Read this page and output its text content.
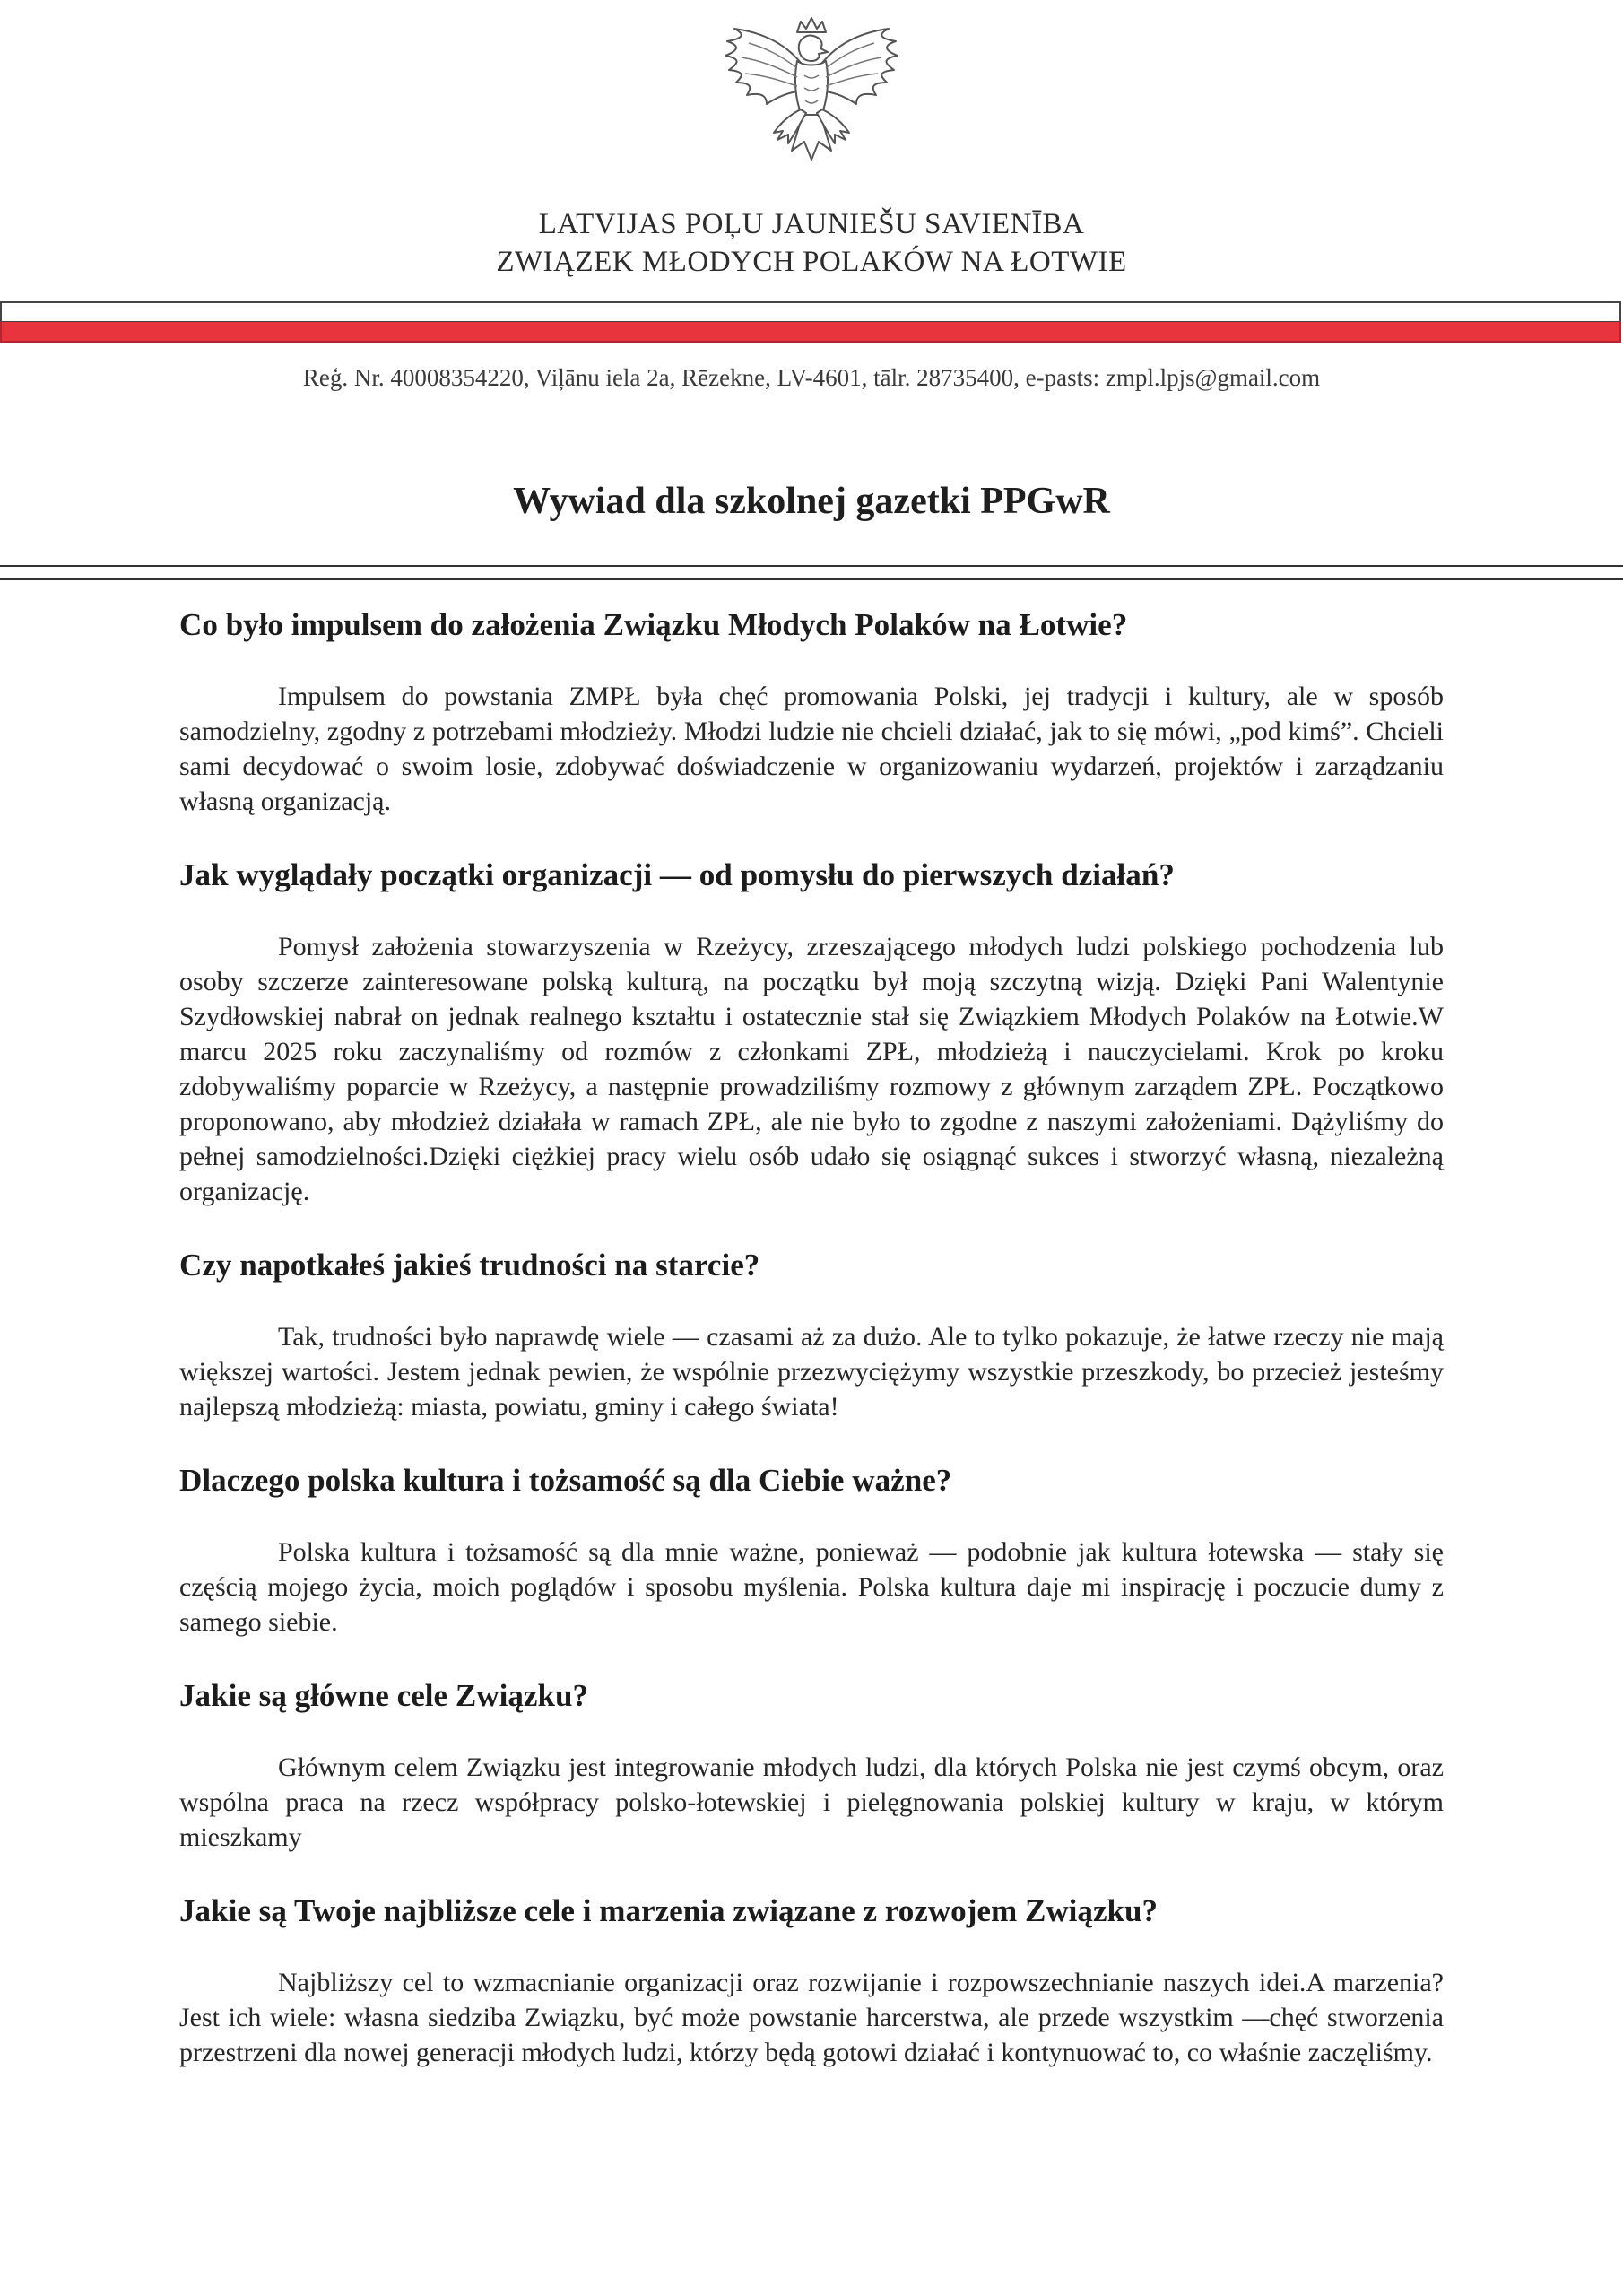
LATVIJAS POĻU JAUNIEŠU SAVIENĪBA
ZWIĄZEK MŁODYCH POLAKÓW NA ŁOTWIE
Reģ. Nr. 40008354220, Viļānu iela 2a, Rēzekne, LV-4601, tālr. 28735400, e-pasts: zmpl.lpjs@gmail.com
Wywiad dla szkolnej gazetki PPGwR
Co było impulsem do założenia Związku Młodych Polaków na Łotwie?

Impulsem do powstania ZMPŁ była chęć promowania Polski, jej tradycji i kultury, ale w sposób samodzielny, zgodny z potrzebami młodzieży. Młodzi ludzie nie chcieli działać, jak to się mówi, „pod kimś”. Chcieli sami decydować o swoim losie, zdobywać doświadczenie w organizowaniu wydarzeń, projektów i zarządzaniu własną organizacją.

Jak wyglądały początki organizacji — od pomysłu do pierwszych działań?

Pomysł założenia stowarzyszenia w Rzeżycy, zrzeszającego młodych ludzi polskiego pochodzenia lub osoby szczerze zainteresowane polską kulturą, na początku był moją szczytną wizją. Dzięki Pani Walentynie Szydłowskiej nabrał on jednak realnego kształtu i ostatecznie stał się Związkiem Młodych Polaków na Łotwie.W marcu 2025 roku zaczynaliśmy od rozmów z członkami ZPŁ, młodzieżą i nauczycielami. Krok po kroku zdobywaliśmy poparcie w Rzeżycy, a następnie prowadziliśmy rozmowy z głównym zarządem ZPŁ. Początkowo proponowano, aby młodzież działała w ramach ZPŁ, ale nie było to zgodne z naszymi założeniami. Dążyliśmy do pełnej samodzielności.Dzięki ciężkiej pracy wielu osób udało się osiągnąć sukces i stworzyć własną, niezależną organizację.

Czy napotkałeś jakieś trudności na starcie?

Tak, trudności było naprawdę wiele — czasami aż za dużo. Ale to tylko pokazuje, że łatwe rzeczy nie mają większej wartości. Jestem jednak pewien, że wspólnie przezwyciężymy wszystkie przeszkody, bo przecież jesteśmy najlepszą młodzieżą: miasta, powiatu, gminy i całego świata!

Dlaczego polska kultura i tożsamość są dla Ciebie ważne?

Polska kultura i tożsamość są dla mnie ważne, ponieważ — podobnie jak kultura łotewska — stały się częścią mojego życia, moich poglądów i sposobu myślenia. Polska kultura daje mi inspirację i poczucie dumy z samego siebie.

Jakie są główne cele Związku?

Głównym celem Związku jest integrowanie młodych ludzi, dla których Polska nie jest czymś obcym, oraz wspólna praca na rzecz współpracy polsko-łotewskiej i pielęgnowania polskiej kultury w kraju, w którym mieszkamy

Jakie są Twoje najbliższe cele i marzenia związane z rozwojem Związku?

Najbliższy cel to wzmacnianie organizacji oraz rozwijanie i rozpowszechnianie naszych idei.A marzenia? Jest ich wiele: własna siedziba Związku, być może powstanie harcerstwa, ale przede wszystkim —chęć stworzenia przestrzeni dla nowej generacji młodych ludzi, którzy będą gotowi działać i kontynuować to, co właśnie zaczęliśmy.
